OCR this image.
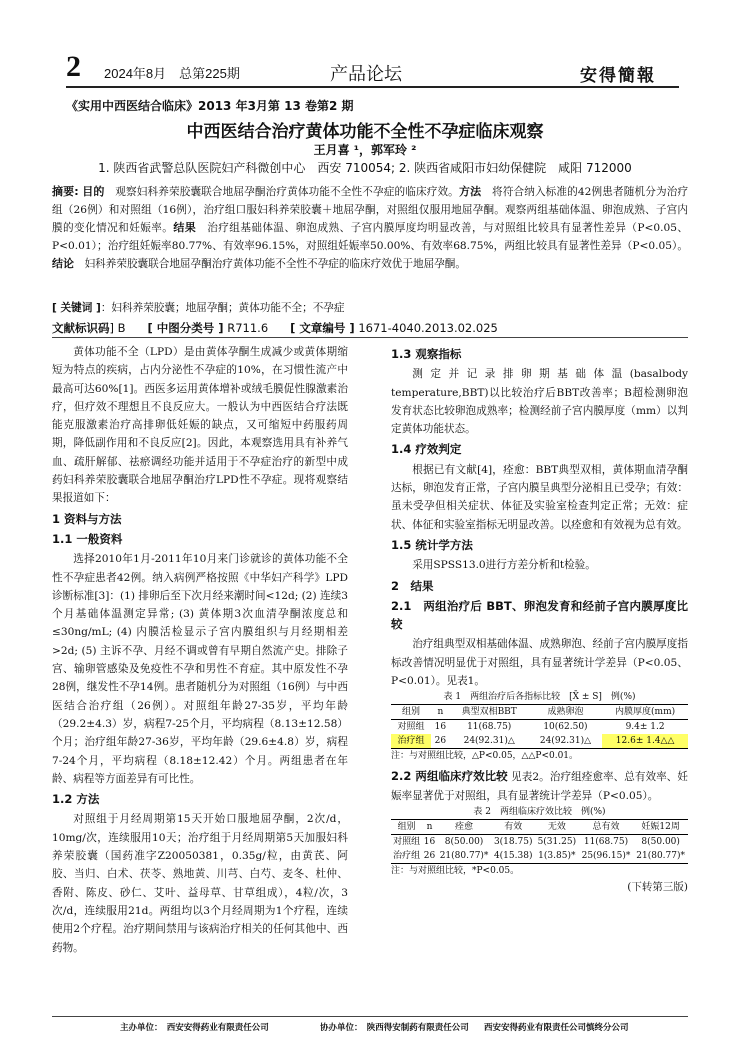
2 2024年8月　总第225期	产品论坛	安得簡報
《实用中西医结合临床》2013 年3月第 13 卷第2 期
中西医结合治疗黄体功能不全性不孕症临床观察
王月喜 ¹，郭军玲 ²
1. 陕西省武警总队医院妇产科微创中心　西安 710054; 2. 陕西省咸阳市妇幼保健院　咸阳 712000
摘要: 目的　 观察妇科养荣胶囊联合地屈孕酮治疗黄体功能不全性不孕症的临床疗效。方法　 将符合纳入标准的42例患者随机分为治疗组（26例）和对照组（16例），治疗组口服妇科养荣胶囊＋地屈孕酮，对照组仅服用地屈孕酮。观察两组基础体温、卵泡成熟、子宫内膜的变化情况和妊娠率。结果　 治疗组基础体温、卵泡成熟、子宫内膜厚度均明显改善，与对照组比较具有显著性差异（P<0.05、P<0.01）；治疗组妊娠率80.77%、有效率96.15%，对照组妊娠率50.00%、有效率68.75%，两组比较具有显著性差异（P<0.05）。结论　 妇科养荣胶囊联合地屈孕酮治疗黄体功能不全性不孕症的临床疗效优于地屈孕酮。
[ 关键词 ]：妇科养荣胶囊；地屈孕酮；黄体功能不全；不孕症
文献标识码] B [ 中图分类号 ] R711.6 [ 文章编号 ] 1671-4040.2013.02.025

黄体功能不全（LPD）是由黄体孕酮生成减少或黄体期缩短为特点的疾病，占内分泌性不孕症的10%，在习惯性流产中最高可达60%[1]。西医多运用黄体增补或绒毛膜促性腺激素治疗，但疗效不理想且不良反应大。一般认为中西医结合疗法既能克服激素治疗高排卵低妊娠的缺点，又可缩短中药服药周期，降低副作用和不良反应[2]。因此，本观察选用具有补养气血、疏肝解郁、祛瘀调经功能并适用于不孕症治疗的新型中成药妇科养荣胶囊联合地屈孕酮治疗LPD性不孕症。现将观察结果报道如下：

1 资料与方法
1.1 一般资料

选择2010年1月-2011年10月来门诊就诊的黄体功能不全性不孕症患者42例。纳入病例严格按照《中华妇产科学》LPD诊断标准[3]：(1) 排卵后至下次月经来潮时间<12d; (2) 连续3个月基础体温测定异常; (3) 黄体期3次血清孕酮浓度总和≤30ng/mL; (4) 内膜活检显示子宫内膜组织与月经期相差>2d; (5) 主诉不孕、月经不调或曾有早期自然流产史。排除子宫、输卵管感染及免疫性不孕和男性不育症。其中原发性不孕28例，继发性不孕14例。患者随机分为对照组（16例）与中西医结合治疗组（26例）。对照组年龄27-35岁，平均年龄（29.2±4.3）岁，病程7-25个月，平均病程（8.13±12.58）个月；治疗组年龄27-36岁，平均年龄（29.6±4.8）岁，病程7-24个月，平均病程（8.18±12.42）个月。两组患者在年龄、病程等方面差异有可比性。

1.2 方法

对照组于月经周期第15天开始口服地屈孕酮，2次/d，10mg/次，连续服用10天；治疗组于月经周期第5天加服妇科养荣胶囊（国药准字Z20050381，0.35g/粒，由黄芪、阿胶、当归、白术、茯苓、熟地黄、川芎、白芍、麦冬、杜仲、香附、陈皮、砂仁、艾叶、益母草、甘草组成），4粒/次，3次/d，连续服用21d。两组均以3个月经周期为1个疗程，连续使用2个疗程。治疗期间禁用与该病治疗相关的任何其他中、西药物。

1.3 观察指标

测定并记录排卵期基础体温(basalbody temperature,BBT)以比较治疗后BBT改善率；B超检测卵泡发育状态比较卵泡成熟率；检测经前子宫内膜厚度（mm）以判定黄体功能状态。

1.4 疗效判定

根据已有文献[4]，痊愈：BBT典型双相，黄体期血清孕酮达标，卵泡发育正常，子宫内膜呈典型分泌相且已受孕；有效：虽未受孕但相关症状、体征及实验室检查判定正常；无效：症状、体征和实验室指标无明显改善。以痊愈和有效视为总有效。

1.5 统计学方法

采用SPSS13.0进行方差分析和t检验。

2　结果
2.1　两组治疗后 BBT、卵泡发育和经前子宫内膜厚度比较

治疗组典型双相基础体温、成熟卵泡、经前子宫内膜厚度指标改善情况明显优于对照组，具有显著统计学差异（P<0.05、P<0.01）。见表1。

表 1　两组治疗后各指标比较　[X̄ ± S]　例(%)
组别	n	典型双相BBT	成熟卵泡	内膜厚度(mm)
对照组	16	11(68.75)	10(62.50)	9.4± 1.2
治疗组	26	24(92.31)△	24(92.31)△	12.6± 1.4△△
注：与对照组比较，△P<0.05，△△P<0.01。

2.2 两组临床疗效比较 见表2。治疗组痊愈率、总有效率、妊娠率显著优于对照组，具有显著统计学差异（P<0.05）。

表 2　两组临床疗效比较　例(%)
组别	n	痊愈	有效	无效	总有效	妊娠12周
对照组	16	8(50.00)	3(18.75)	5(31.25)	11(68.75)	8(50.00)
治疗组	26	21(80.77)*	4(15.38)	1(3.85)*	25(96.15)*	21(80.77)*
注：与对照组比较，*P<0.05。
(下转第三版)
主办单位：　西安安得药业有限责任公司	协办单位：　陕西得安制药有限责任公司 西安安得药业有限责任公司慎终分公司
